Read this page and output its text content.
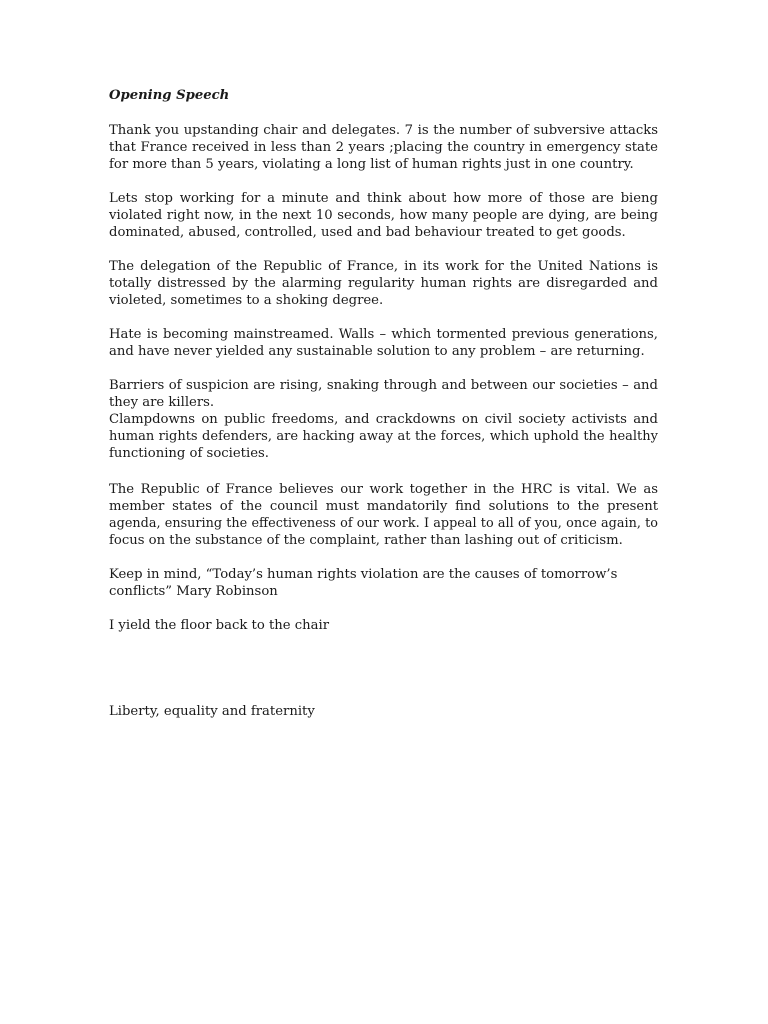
Opening Speech
Thank you upstanding chair and delegates. 7 is the number of subversive attacks
that France received in less than 2 years ;placing the country in emergency state
for more than 5 years, violating a long list of human rights just in one country.
Lets stop working for a minute and think about how more of those are bieng
violated right now, in the next 10 seconds, how many people are dying, are being
dominated, abused, controlled, used and bad behaviour treated to get goods.
The delegation of the Republic of France, in its work for the United Nations is
totally distressed by the alarming regularity human rights are disregarded and
violeted, sometimes to a shoking degree.
Hate is becoming mainstreamed. Walls – which tormented previous generations,
and have never yielded any sustainable solution to any problem – are returning.
Barriers of suspicion are rising, snaking through and between our societies – and
they are killers.
Clampdowns on public freedoms, and crackdowns on civil society activists and
human rights defenders, are hacking away at the forces, which uphold the healthy
functioning of societies.
The Republic of France believes our work together in the HRC is vital. We as
member states of the council must mandatorily find solutions to the present
agenda, ensuring the effectiveness of our work. I appeal to all of you, once again, to
focus on the substance of the complaint, rather than lashing out of criticism.
Keep in mind, “Today’s human rights violation are the causes of tomorrow’s
conflicts” Mary Robinson
I yield the floor back to the chair
Liberty, equality and fraternity
